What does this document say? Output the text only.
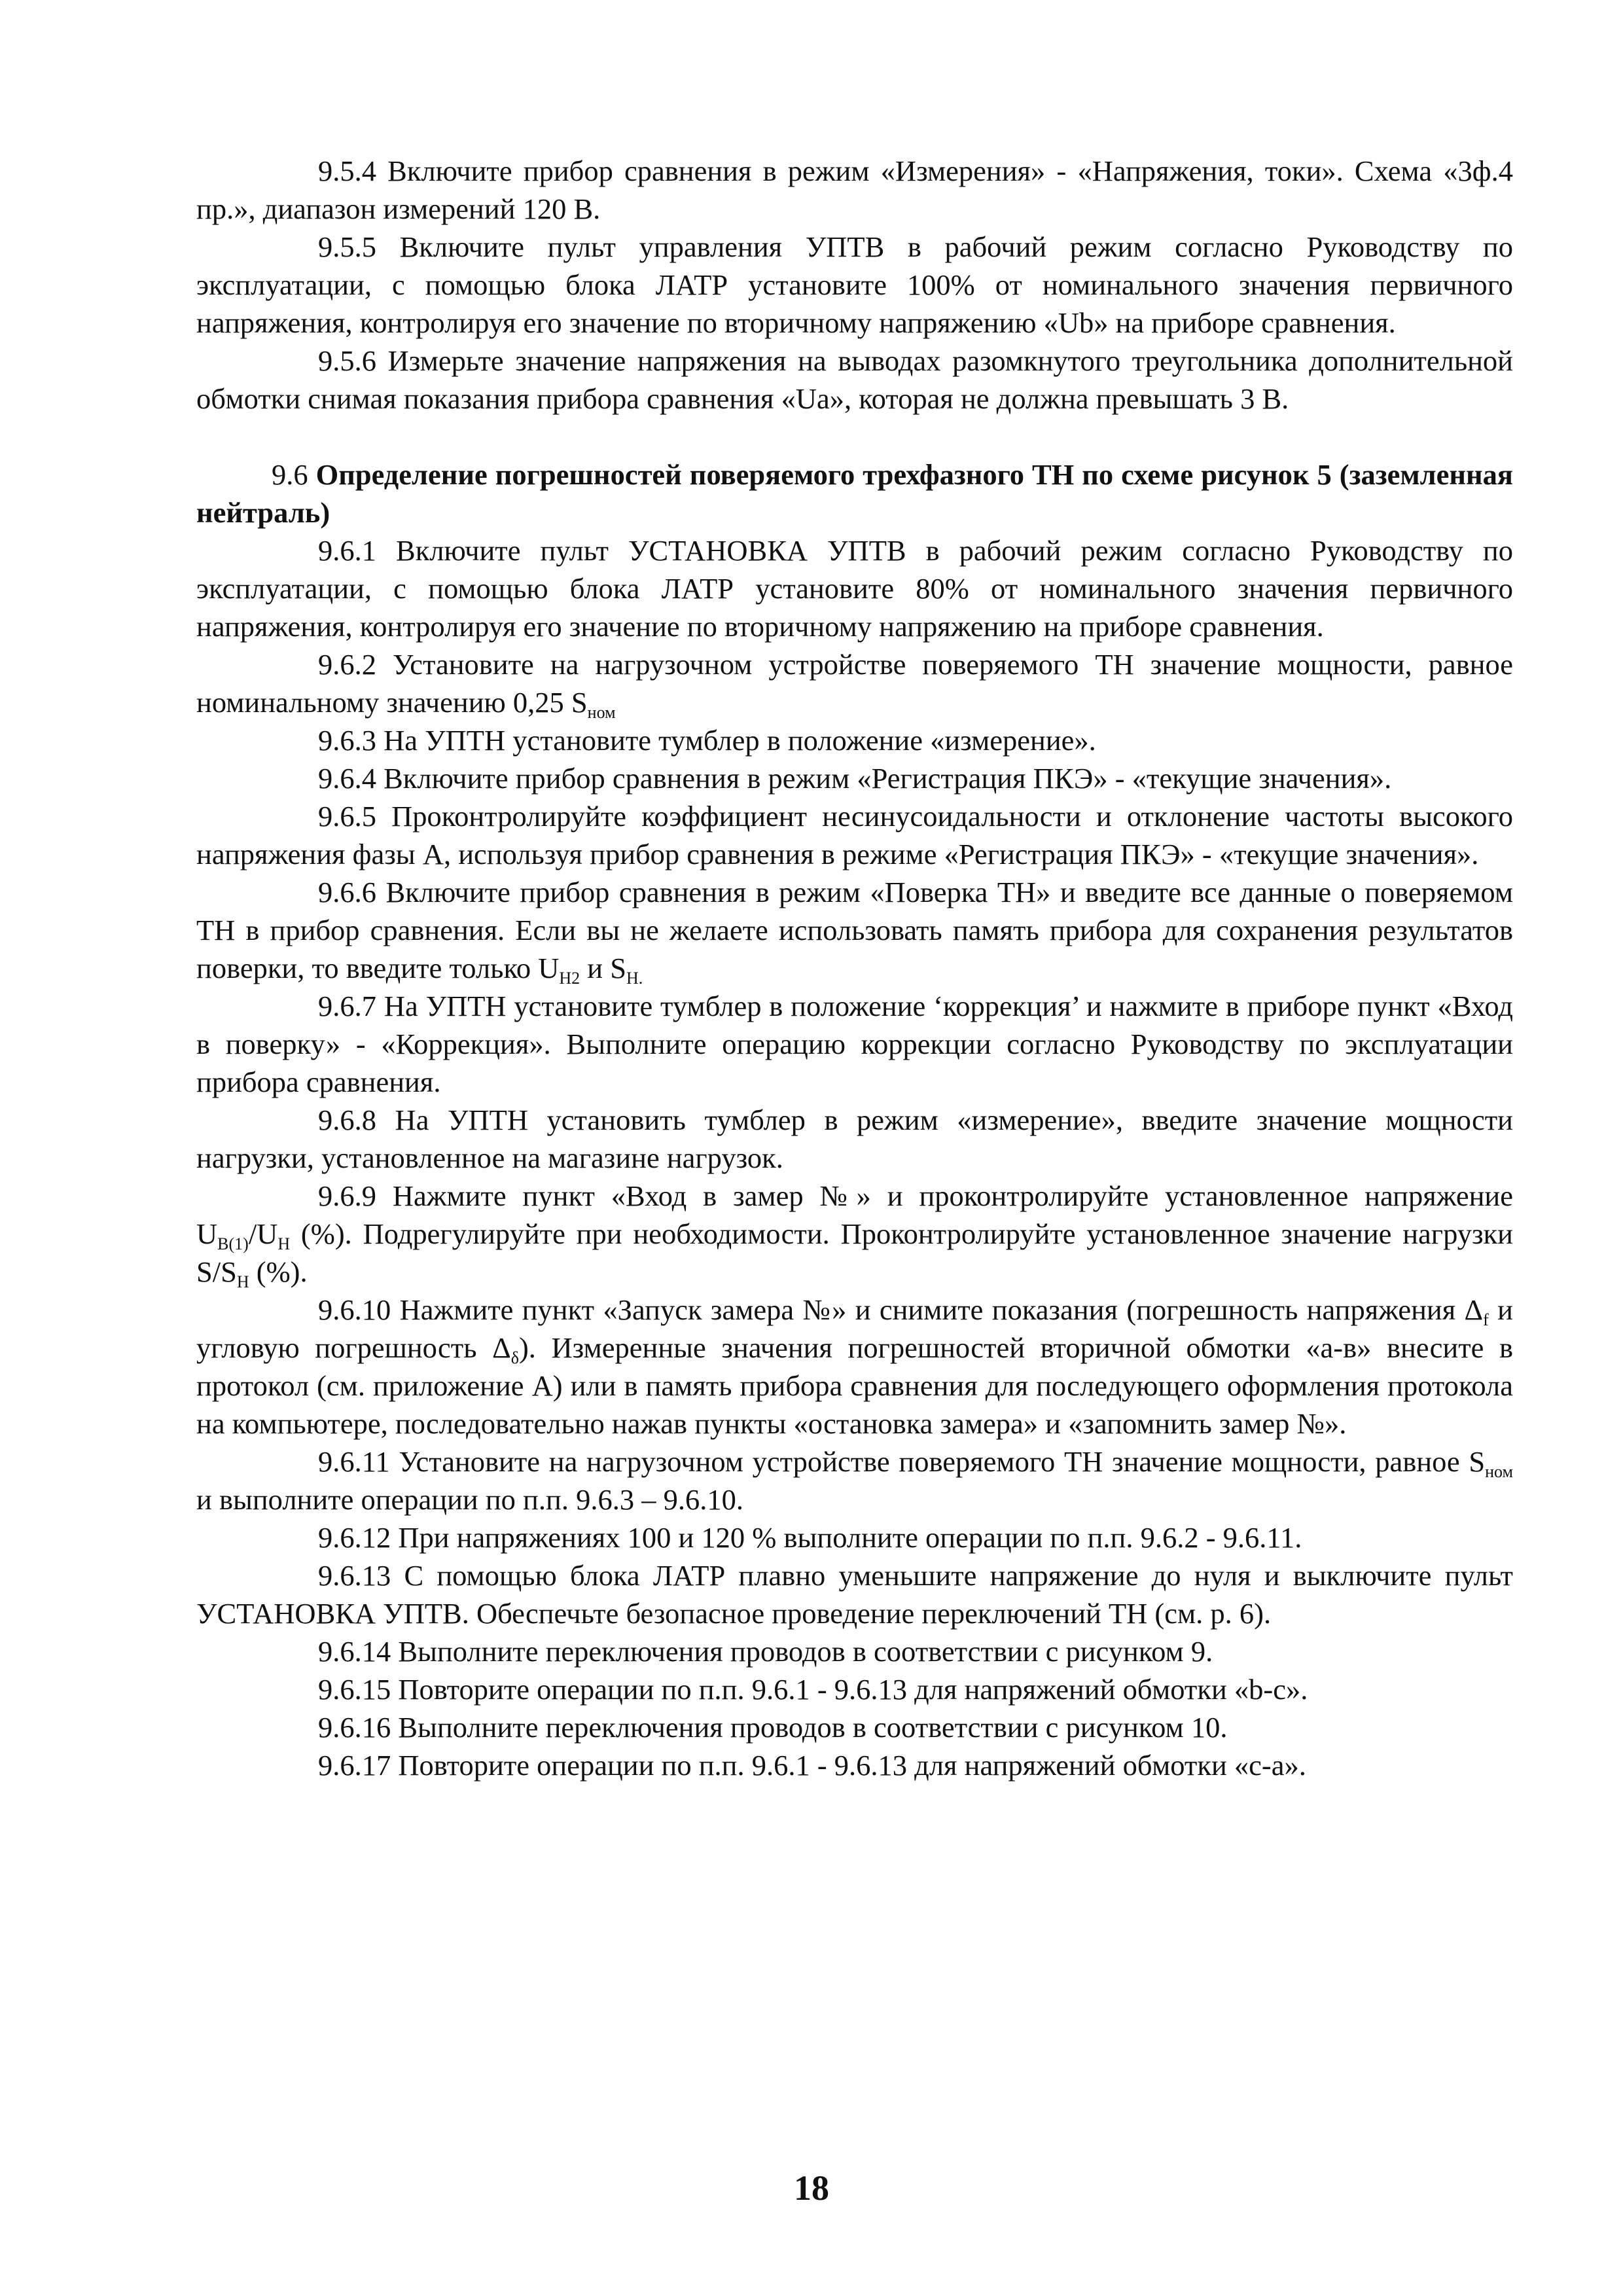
9.5.4 Включите прибор сравнения в режим «Измерения» - «Напряжения, токи». Схема «3ф.4 пр.», диапазон измерений 120 В.

9.5.5 Включите пульт управления УПТВ в рабочий режим согласно Руководству по эксплуатации, с помощью блока ЛАТР установите 100% от номинального значения первичного напряжения, контролируя его значение по вторичному напряжению «Ub» на приборе сравнения.

9.5.6 Измерьте значение напряжения на выводах разомкнутого треугольника дополнительной обмотки снимая показания прибора сравнения «Ua», которая не должна превышать 3 В.

9.6 Определение погрешностей поверяемого трехфазного ТН по схеме рисунок 5 (заземленная нейтраль)

9.6.1 Включите пульт УСТАНОВКА УПТВ в рабочий режим согласно Руководству по эксплуатации, с помощью блока ЛАТР установите 80% от номинального значения первичного напряжения, контролируя его значение по вторичному напряжению на приборе сравнения.

9.6.2 Установите на нагрузочном устройстве поверяемого ТН значение мощности, равное номинальному значению 0,25 $S_{ном}$

9.6.3 На УПТН установите тумблер в положение «измерение».

9.6.4 Включите прибор сравнения в режим «Регистрация ПКЭ» - «текущие значения».

9.6.5 Проконтролируйте коэффициент несинусоидальности и отклонение частоты высокого напряжения фазы А, используя прибор сравнения в режиме «Регистрация ПКЭ» - «текущие значения».

9.6.6 Включите прибор сравнения в режим «Поверка ТН» и введите все данные о поверяемом ТН в прибор сравнения. Если вы не желаете использовать память прибора для сохранения результатов поверки, то введите только $U_{Н2}$ и $S_{Н.}$

9.6.7 На УПТН установите тумблер в положение ‘коррекция’ и нажмите в приборе пункт «Вход в поверку» - «Коррекция». Выполните операцию коррекции согласно Руководству по эксплуатации прибора сравнения.

9.6.8 На УПТН установить тумблер в режим «измерение», введите значение мощности нагрузки, установленное на магазине нагрузок.

9.6.9 Нажмите пункт «Вход в замер №» и проконтролируйте установленное напряжение $U_{В(1)}/U_Н$ (%). Подрегулируйте при необходимости. Проконтролируйте установленное значение нагрузки $S/S_Н$ (%).

9.6.10 Нажмите пункт «Запуск замера №» и снимите показания (погрешность напряжения $\Delta_f$ и угловую погрешность $\Delta_\delta$). Измеренные значения погрешностей вторичной обмотки «а-в» внесите в протокол (см. приложение А) или в память прибора сравнения для последующего оформления протокола на компьютере, последовательно нажав пункты «остановка замера» и «запомнить замер №».

9.6.11 Установите на нагрузочном устройстве поверяемого ТН значение мощности, равное $S_{ном}$ и выполните операции по п.п. 9.6.3 – 9.6.10.

9.6.12 При напряжениях 100 и 120 % выполните операции по п.п. 9.6.2 - 9.6.11.

9.6.13 С помощью блока ЛАТР плавно уменьшите напряжение до нуля и выключите пульт УСТАНОВКА УПТВ. Обеспечьте безопасное проведение переключений ТН (см. р. 6).

9.6.14 Выполните переключения проводов в соответствии с рисунком 9.

9.6.15 Повторите операции по п.п. 9.6.1 - 9.6.13 для напряжений обмотки «b-c».

9.6.16 Выполните переключения проводов в соответствии с рисунком 10.

9.6.17 Повторите операции по п.п. 9.6.1 - 9.6.13 для напряжений обмотки «с-а».

18
